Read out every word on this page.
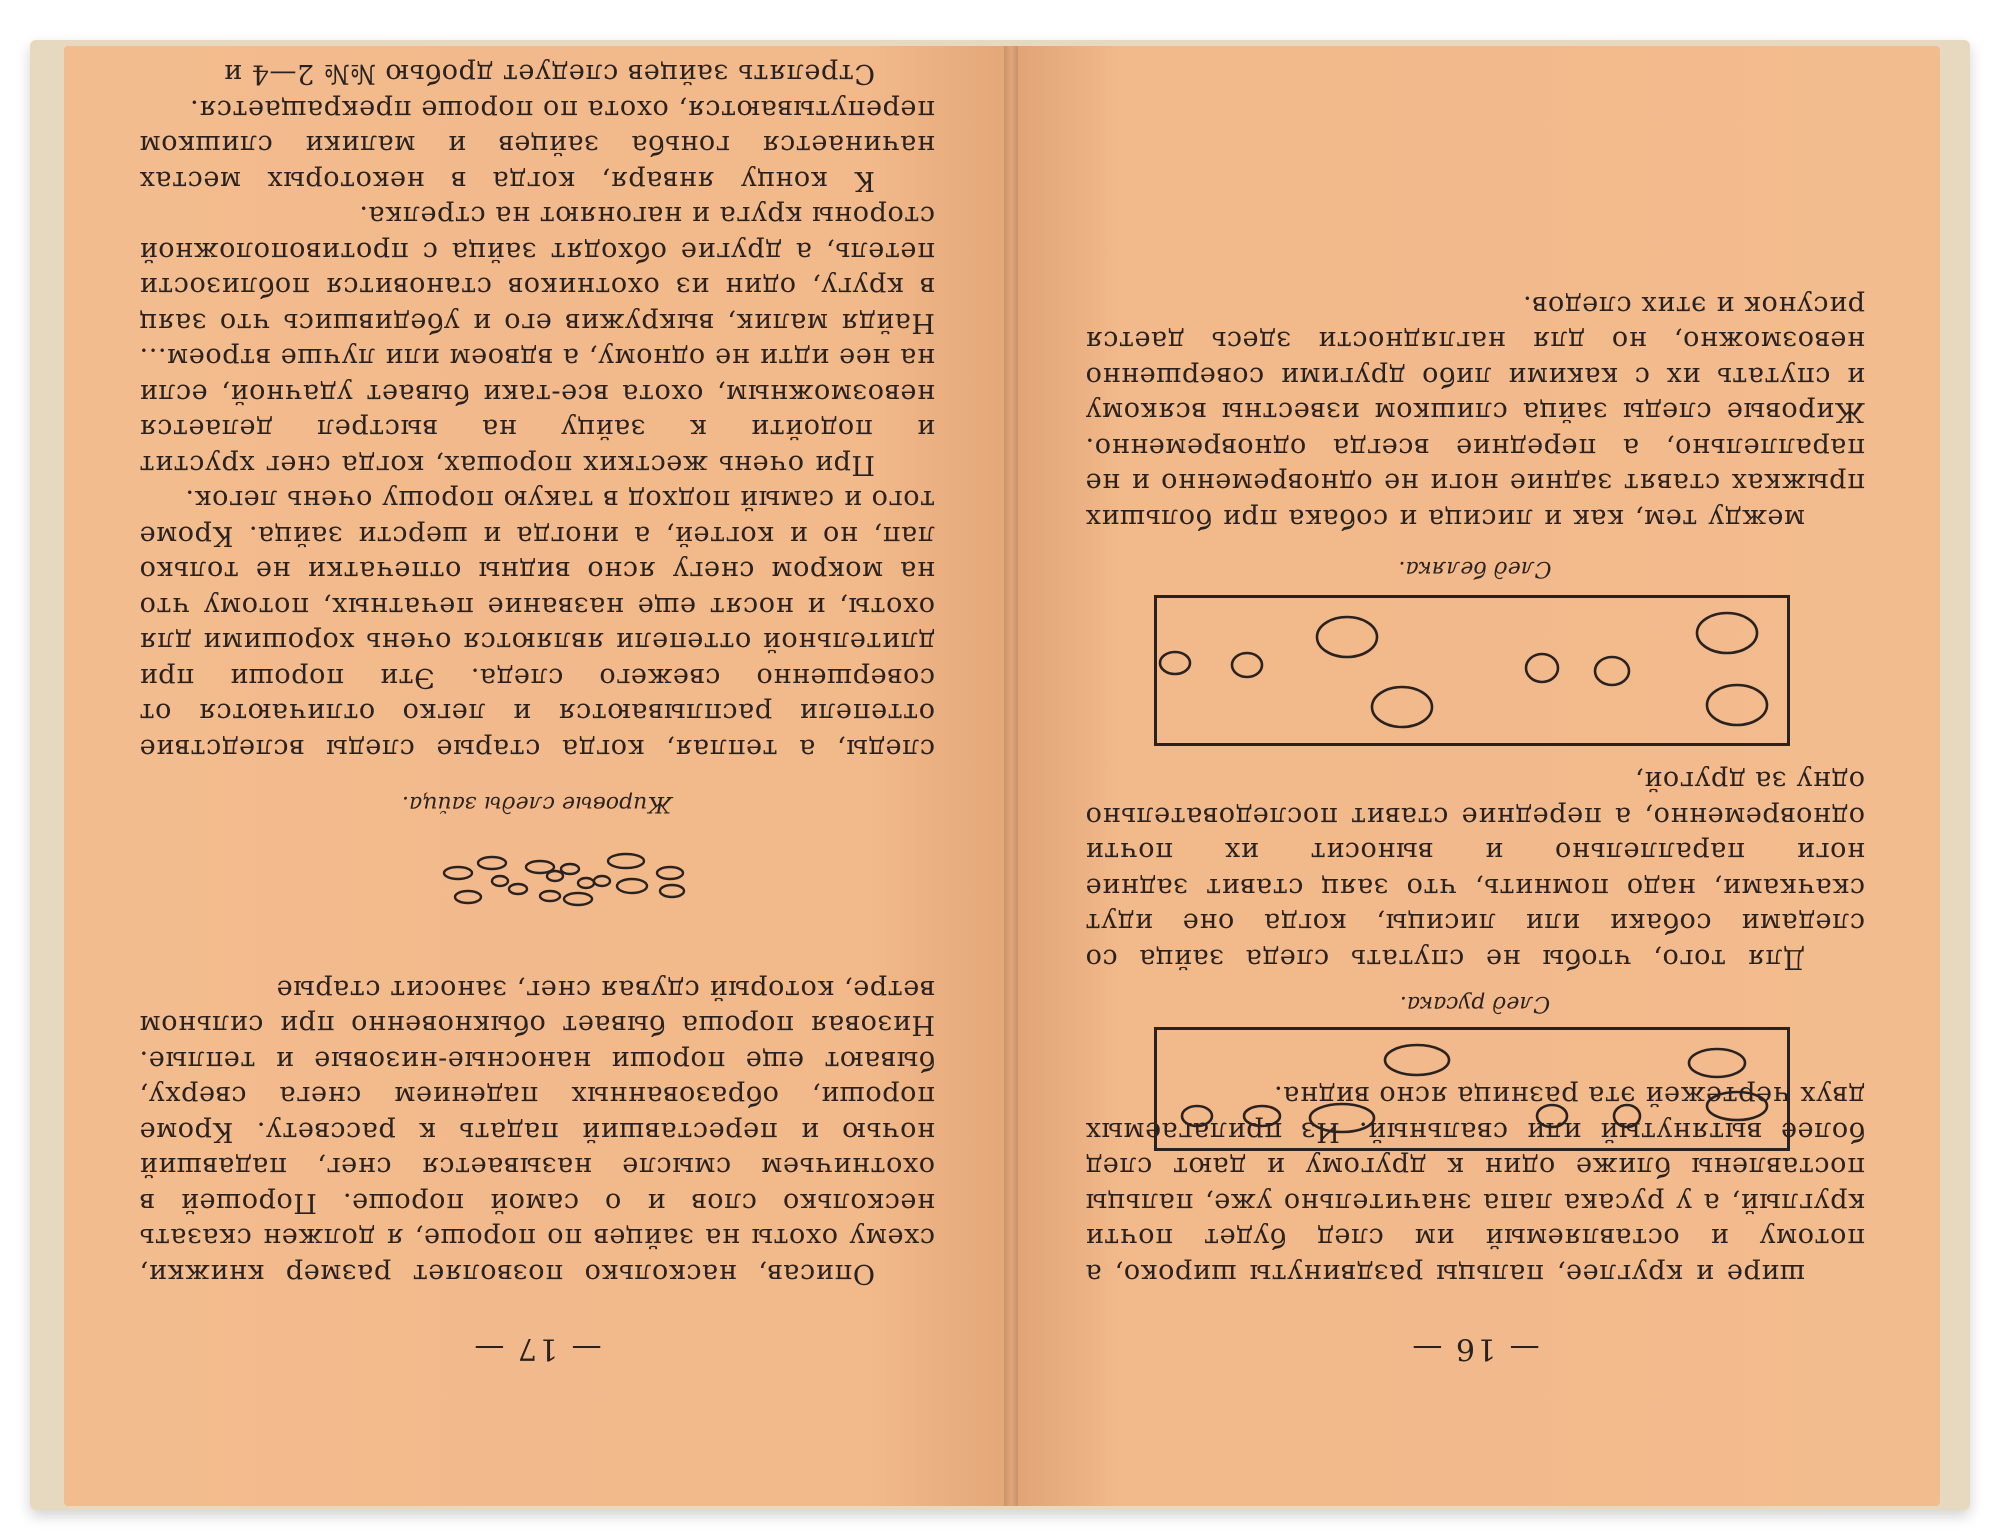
— 17 —

Описав, насколько позволяет размер книжки, схему охоты на зайцев по порошe, я должен сказать несколько слов и о самой пороше. Порошей в охотничьем смысле называется снег, падавший ночью и переставший падать к рассвету. Кроме пороши, образованных падением снега сверху, бывают еще пороши наносные-низовые и теплые. Низовая пороша бывает обыкновенно при сильном ветре, который сдувая снег, заносит старые

Жировые следы зайца.

следы, а теплая, когда старые следы вследствие оттепели расплываются и легко отличаются от совершенно свежего следа. Эти пороши при длительной оттепели являются очень хорошими для охоты, и носят еще название печатных, потому что на мокром снегу ясно видны отпечатки не только лап, но и когтей, а иногда и шерсти зайца. Кроме того и самый подход в такую порошу очень легок.

При очень жестких порошах, когда снег хрустит и подойти к зайцу на выстрел делается невозможным, охота все-таки бывает удачной, если на нее идти не одному, а вдвоем или лучше втроем... Найдя малик, выкружив его и убедившись что заяц в кругу, один из охотников становится поблизости петель, а другие обходят зайца с противоположной стороны круга и нагоняют на стрелка.

К концу января, когда в некоторых местах начинается гоньба зайцев и малики слишком перепутываются, охота по пороше прекращается.

Стрелять зайцев следует дробью №№ 2—4 и

— 16 —

шире и круглее, пальцы раздвинуты широко, а потому и оставляемый им след будет почти круглый, а у русака лапа значительно уже, пальцы поставлены ближе один к другому и дают след более вытянутый или свальный. Из прилагаемых двух чертежей эта разница ясно видна.

След русака.

Для того, чтобы не спутать следа зайца со следами собаки или лисицы, когда оне идут скачками, надо помнить, что заяц ставит задние ноги параллельно и выносит их почти одновременно, а передние ставит последовательно одну за другой,

След беляка.

между тем, как и лисица и собака при больших прыжках ставят задние ноги не одновременно и не параллельно, а передние всегда одновременно. Жировые следы зайца слишком известны всякому и спутать их с какими либо другими совершенно невозможно, но для наглядности здесь дается рисунок и этих следов.
